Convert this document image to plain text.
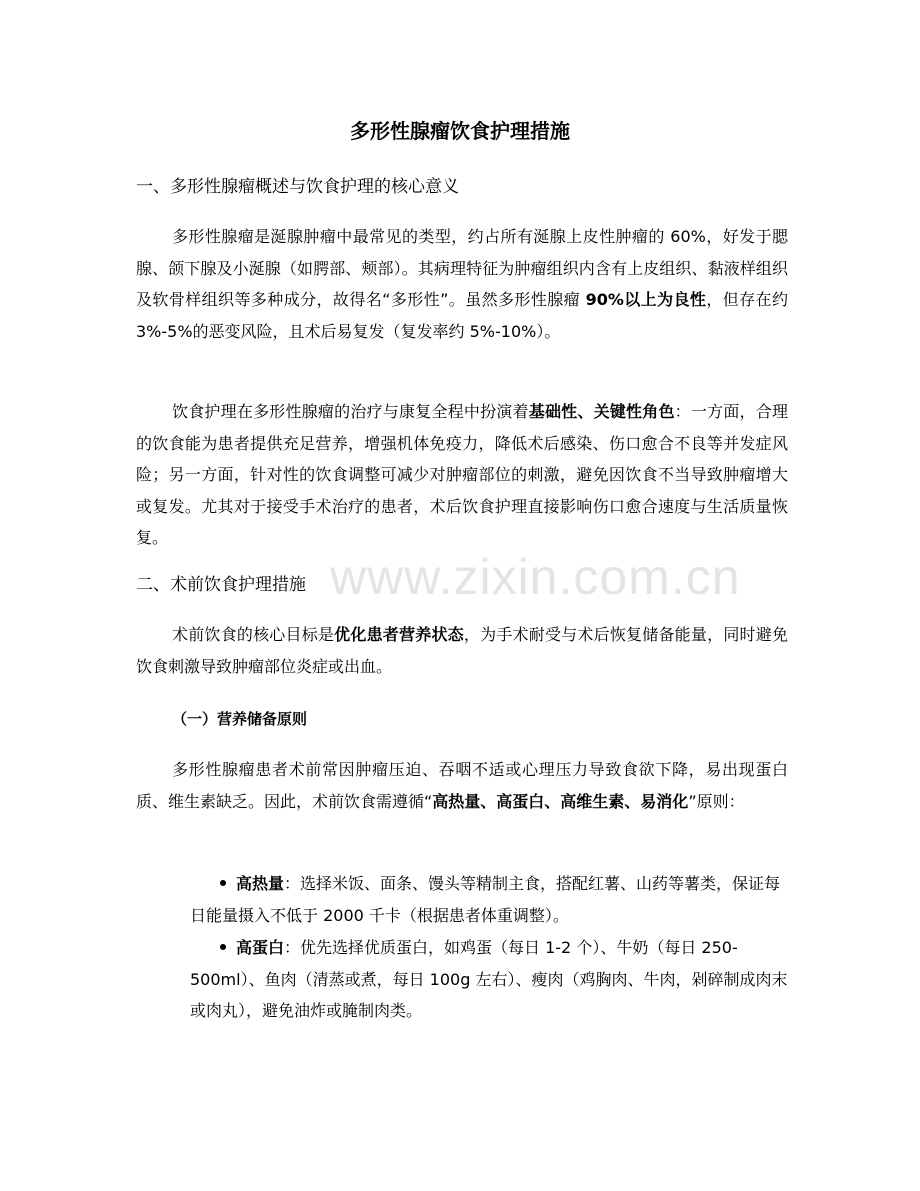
www.zixin.com.cn
多形性腺瘤饮食护理措施
一、多形性腺瘤概述与饮食护理的核心意义

多形性腺瘤是涎腺肿瘤中最常见的类型，约占所有涎腺上皮性肿瘤的 60%，好发于腮腺、颌下腺及小涎腺（如腭部、颊部）。其病理特征为肿瘤组织内含有上皮组织、黏液样组织及软骨样组织等多种成分，故得名“多形性”。虽然多形性腺瘤 90%以上为良性，但存在约 3%-5%的恶变风险，且术后易复发（复发率约 5%-10%）。

饮食护理在多形性腺瘤的治疗与康复全程中扮演着基础性、关键性角色：一方面，合理的饮食能为患者提供充足营养，增强机体免疫力，降低术后感染、伤口愈合不良等并发症风险；另一方面，针对性的饮食调整可减少对肿瘤部位的刺激，避免因饮食不当导致肿瘤增大或复发。尤其对于接受手术治疗的患者，术后饮食护理直接影响伤口愈合速度与生活质量恢复。

二、术前饮食护理措施

术前饮食的核心目标是优化患者营养状态，为手术耐受与术后恢复储备能量，同时避免饮食刺激导致肿瘤部位炎症或出血。

（一）营养储备原则

多形性腺瘤患者术前常因肿瘤压迫、吞咽不适或心理压力导致食欲下降，易出现蛋白质、维生素缺乏。因此，术前饮食需遵循“高热量、高蛋白、高维生素、易消化”原则：

高热量：选择米饭、面条、馒头等精制主食，搭配红薯、山药等薯类，保证每日能量摄入不低于 2000 千卡（根据患者体重调整）。

高蛋白：优先选择优质蛋白，如鸡蛋（每日 1-2 个）、牛奶（每日 250-500ml）、鱼肉（清蒸或煮，每日 100g 左右）、瘦肉（鸡胸肉、牛肉，剁碎制成肉末或肉丸），避免油炸或腌制肉类。
